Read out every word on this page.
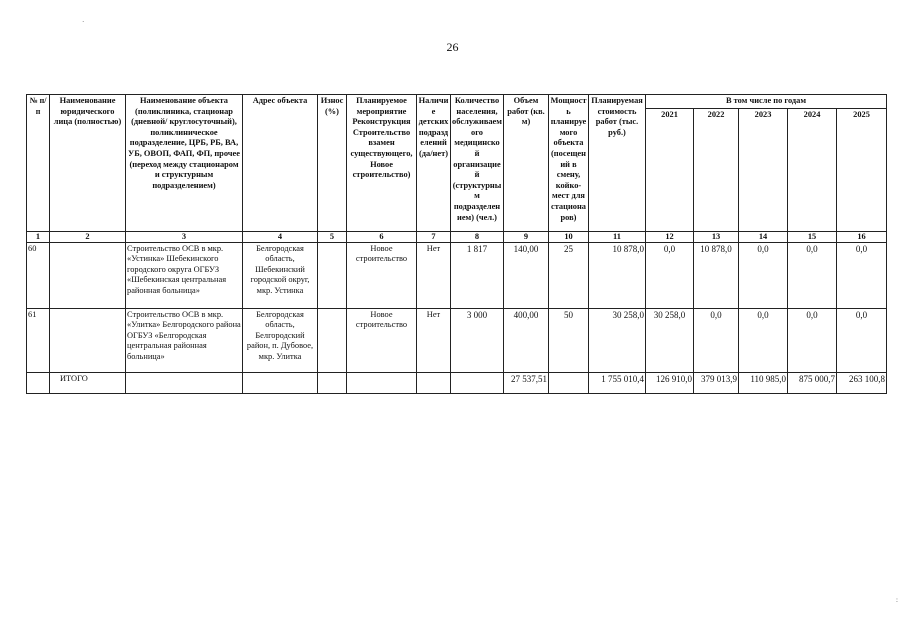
26
·
:
№ п/п	Наименование юридического лица (полностью)	Наименование объекта (поликлиника, стационар (дневной/ круглосуточный), поликлиническое подразделение, ЦРБ, РБ, ВА, УБ, ОВОП, ФАП, ФП, прочее (переход между стационаром и структурным подразделением)	Адрес объекта	Износ (%)	Планируемое мероприятие Реконструкция Строительство взамен существующего, Новое строительство)	Наличие детских подразделений (да/нет)	Количество населения, обслуживаемого медицинской организацией (структурным подразделением) (чел.)	Объем работ (кв. м)	Мощность планируемого объекта (посещений в смену, койко-мест для стационаров)	Планируемая стоимость работ (тыс. руб.)	В том числе по годам				
											2021	2022	2023	2024	2025
1	2	3	4	5	6	7	8	9	10	11	12	13	14	15	16
60		Строительство ОСВ в мкр. «Устинка» Шебекинского городского округа ОГБУЗ «Шебекинская центральная районная больница»	Белгородская область, Шебекинский городской округ, мкр. Устинка		Новое строительство	Нет	1 817	140,00	25	10 878,0	0,0	10 878,0	0,0	0,0	0,0
61		Строительство ОСВ в мкр. «Улитка» Белгородского района ОГБУЗ «Белгородская центральная районная больница»	Белгородская область, Белгородский район, п. Дубовое, мкр. Улитка		Новое строительство	Нет	3 000	400,00	50	30 258,0	30 258,0	0,0	0,0	0,0	0,0
	ИТОГО							27 537,51		1 755 010,4	126 910,0	379 013,9	110 985,0	875 000,7	263 100,8
